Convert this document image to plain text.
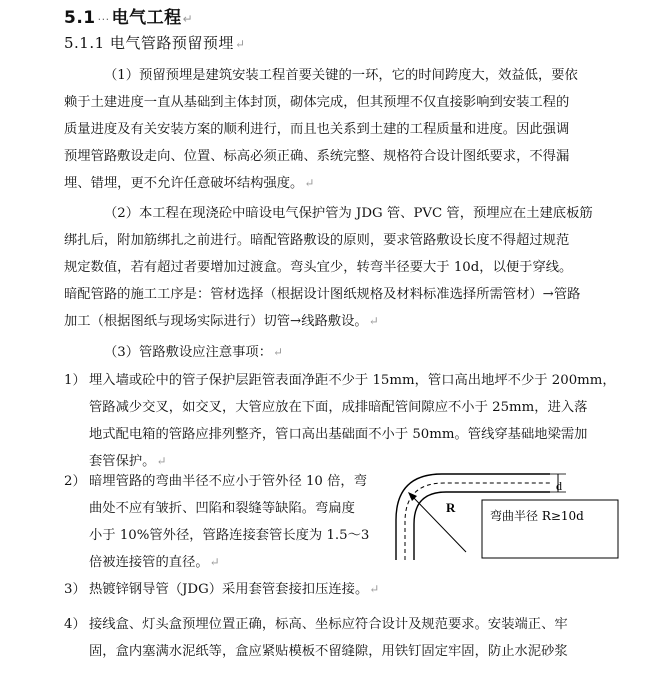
5.1 ··· 电气工程↵
5.1.1 电气管路预留预埋↵
（1）预留预埋是建筑安装工程首要关键的一环，它的时间跨度大，效益低，要依
赖于土建进度一直从基础到主体封顶，砌体完成，但其预埋不仅直接影响到安装工程的
质量进度及有关安装方案的顺利进行，而且也关系到土建的工程质量和进度。因此强调
预埋管路敷设走向、位置、标高必须正确、系统完整、规格符合设计图纸要求，不得漏
埋、错埋，更不允许任意破坏结构强度。↵
（2）本工程在现浇砼中暗设电气保护管为 JDG 管、PVC 管，预埋应在土建底板筋
绑扎后，附加筋绑扎之前进行。暗配管路敷设的原则，要求管路敷设长度不得超过规范
规定数值，若有超过者要增加过渡盒。弯头宜少，转弯半径要大于 10d，以便于穿线。
暗配管路的施工工序是：管材选择（根据设计图纸规格及材料标准选择所需管材）→管路
加工（根据图纸与现场实际进行）切管→线路敷设。↵
（3）管路敷设应注意事项：↵
1） 埋入墙或砼中的管子保护层距管表面净距不少于 15mm，管口高出地坪不少于 200mm，
管路减少交叉，如交叉，大管应放在下面，成排暗配管间隙应不小于 25mm，进入落
地式配电箱的管路应排列整齐，管口高出基础面不小于 50mm。管线穿基础地梁需加
套管保护。↵
2） 暗埋管路的弯曲半径不应小于管外径 10 倍，弯
曲处不应有皱折、凹陷和裂缝等缺陷。弯扁度
小于 10%管外径，管路连接套管长度为 1.5～3
倍被连接管的直径。↵
R
d
弯曲半径 R≥10d
3） 热镀锌钢导管（JDG）采用套管套接扣压连接。↵
4） 接线盒、灯头盒预埋位置正确，标高、坐标应符合设计及规范要求。安装端正、牢
固，盒内塞满水泥纸等，盒应紧贴模板不留缝隙，用铁钉固定牢固，防止水泥砂浆
